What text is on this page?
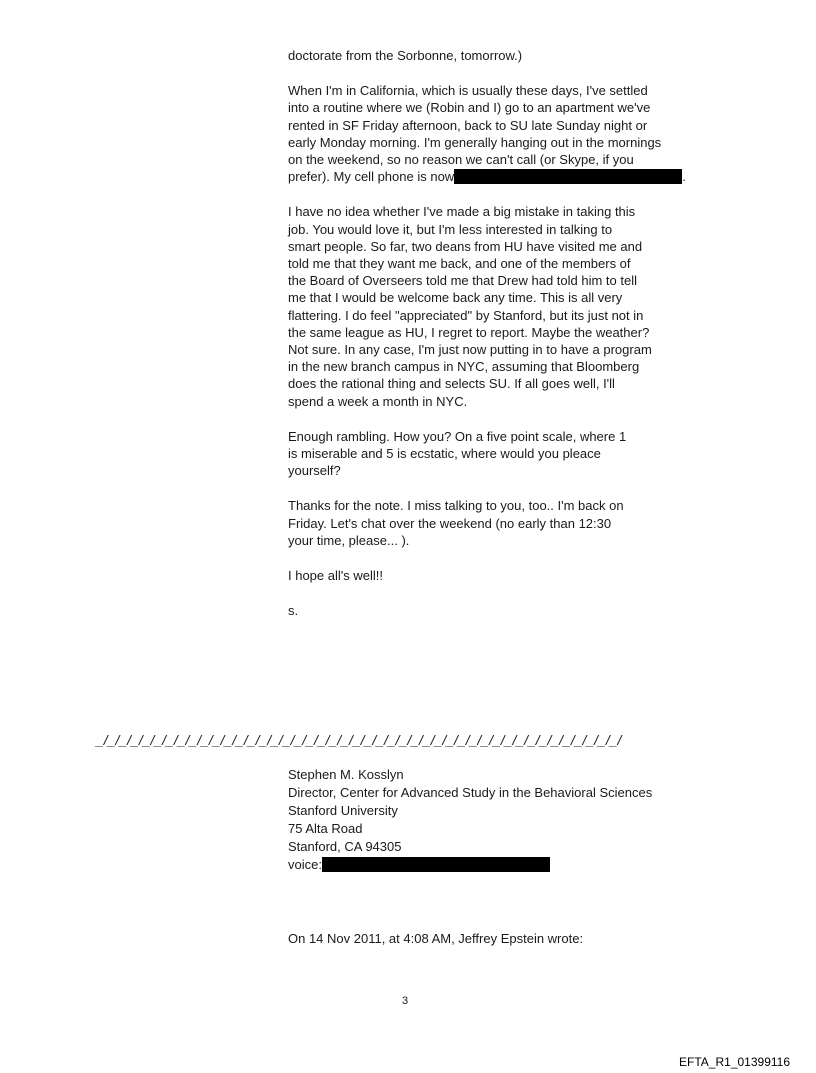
doctorate from the Sorbonne, tomorrow.)

When I'm in California, which is usually these days, I've settled
into a routine where we (Robin and I) go to an apartment we've
rented in SF Friday afternoon, back to SU late Sunday night or
early Monday morning. I'm generally hanging out in the mornings
on the weekend, so no reason we can't call (or Skype, if you
prefer). My cell phone is now	.

I have no idea whether I've made a big mistake in taking this
job. You would love it, but I'm less interested in talking to
smart people. So far, two deans from HU have visited me and
told me that they want me back, and one of the members of
the Board of Overseers told me that Drew had told him to tell
me that I would be welcome back any time. This is all very
flattering. I do feel "appreciated" by Stanford, but its just not in
the same league as HU, I regret to report. Maybe the weather?
Not sure. In any case, I'm just now putting in to have a program
in the new branch campus in NYC, assuming that Bloomberg
does the rational thing and selects SU. If all goes well, I'll
spend a week a month in NYC.

Enough rambling. How you? On a five point scale, where 1
is miserable and 5 is ecstatic, where would you pleace
yourself?

Thanks for the note. I miss talking to you, too.. I'm back on
Friday. Let's chat over the weekend (no early than 12:30
your time, please... ).

I hope all's well!!

s.

_/_/_/_/_/_/_/_/_/_/_/_/_/_/_/_/_/_/_/_/_/_/_/_/_/_/_/_/_/_/_/_/_/_/_/_/_/_/_/_/_/_/_/_/_/
Stephen M. Kosslyn
Director, Center for Advanced Study in the Behavioral Sciences
Stanford University
75 Alta Road
Stanford, CA 94305
voice:
On 14 Nov 2011, at 4:08 AM, Jeffrey Epstein wrote:
3
EFTA_R1_01399116
